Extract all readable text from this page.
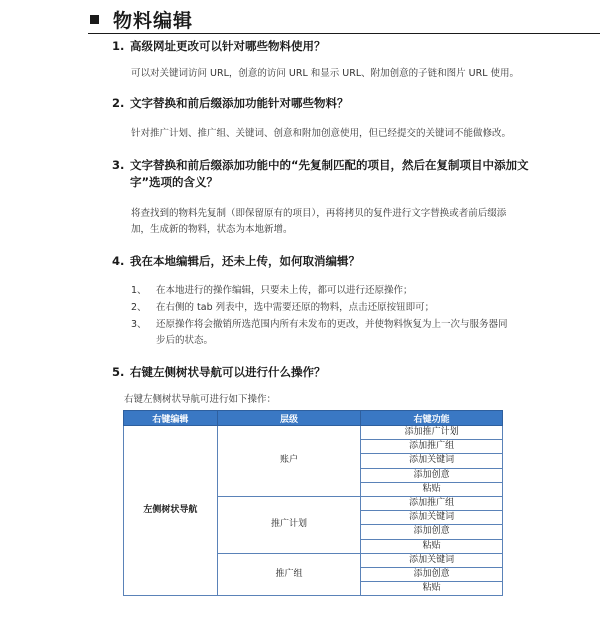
物料编辑
1. 高级网址更改可以针对哪些物料使用？
可以对关键词访问 URL，创意的访问 URL 和显示 URL、附加创意的子链和图片 URL 使用。
2. 文字替换和前后缀添加功能针对哪些物料？
针对推广计划、推广组、关键词、创意和附加创意使用，但已经提交的关键词不能做修改。
3. 文字替换和前后缀添加功能中的“先复制匹配的项目，然后在复制项目中添加文字”选项的含义？
将查找到的物料先复制（即保留原有的项目），再将拷贝的复件进行文字替换或者前后缀添加，生成新的物料，状态为本地新增。
4. 我在本地编辑后，还未上传，如何取消编辑？
1、 在本地进行的操作编辑，只要未上传，都可以进行还原操作；
2、 在右侧的 tab 列表中，选中需要还原的物料，点击还原按钮即可；
3、 还原操作将会撤销所选范围内所有未发布的更改，并使物料恢复为上一次与服务器同步后的状态。
5. 右键左侧树状导航可以进行什么操作？
右键左侧树状导航可进行如下操作：
右键编辑	层级	右键功能
左侧树状导航	账户	添加推广计划
		添加推广组
		添加关键词
		添加创意
		粘贴
	推广计划	添加推广组
		添加关键词
		添加创意
		粘贴
	推广组	添加关键词
		添加创意
		粘贴
